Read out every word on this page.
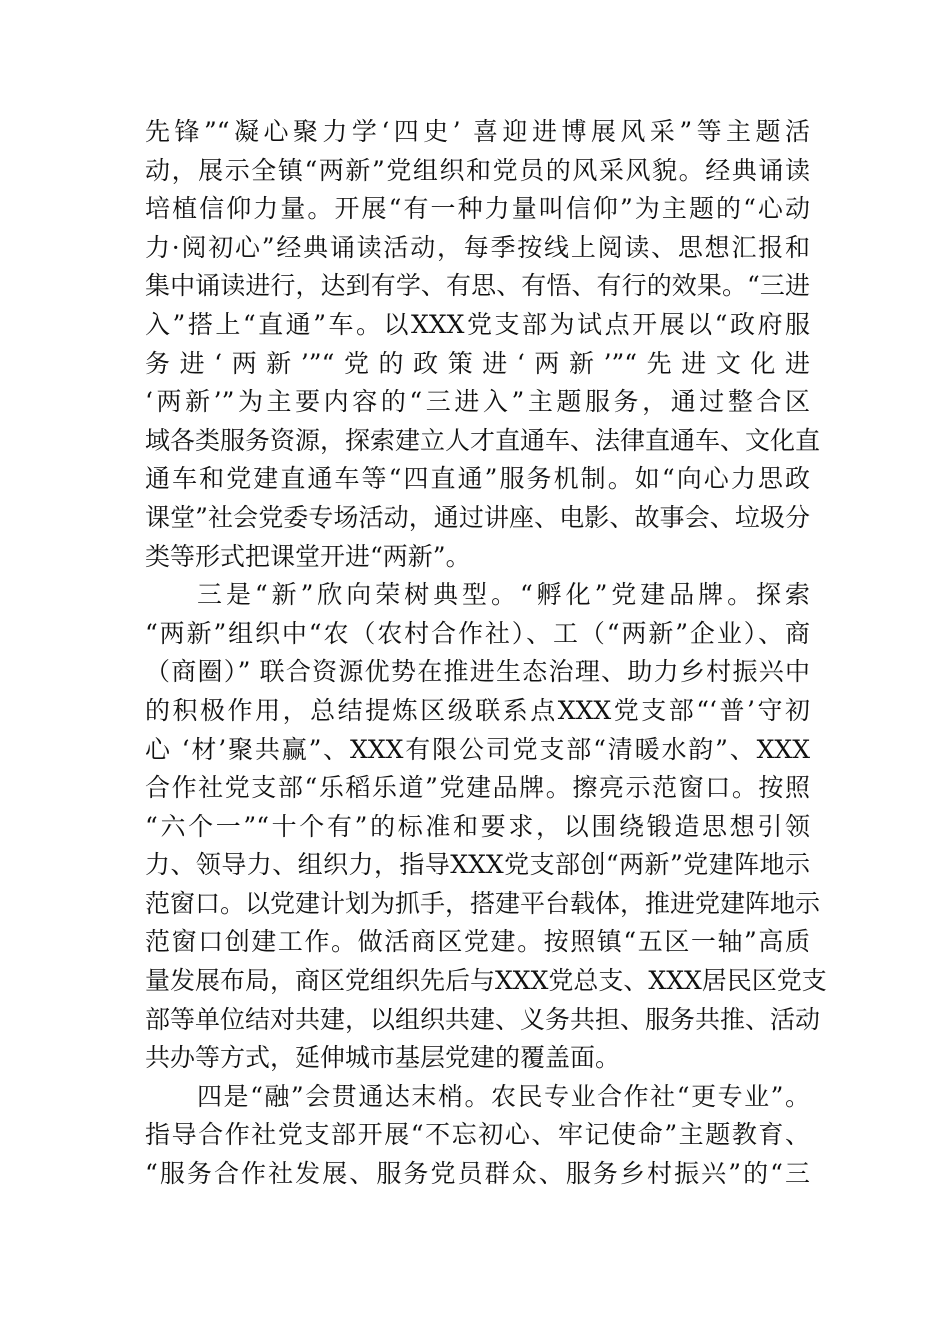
先锋”“凝心聚力学‘四史’ 喜迎进博展风采”等主题活
动，展示全镇“两新”党组织和党员的风采风貌。经典诵读
培植信仰力量。开展“有一种力量叫信仰”为主题的“心动
力·阅初心”经典诵读活动，每季按线上阅读、思想汇报和
集中诵读进行，达到有学、有思、有悟、有行的效果。“三进
入”搭上“直通”车。以XXX党支部为试点开展以“政府服
务进‘两新’”“党的政策进‘两新’”“先进文化进
‘两新’”为主要内容的“三进入”主题服务，通过整合区
域各类服务资源，探索建立人才直通车、法律直通车、文化直
通车和党建直通车等“四直通”服务机制。如“向心力思政
课堂”社会党委专场活动，通过讲座、电影、故事会、垃圾分
类等形式把课堂开进“两新”。
三是“新”欣向荣树典型。“孵化”党建品牌。探索
“两新”组织中“农（农村合作社）、工（“两新”企业）、商
（商圈）” 联合资源优势在推进生态治理、助力乡村振兴中
的积极作用，总结提炼区级联系点XXX党支部“‘普’守初
心 ‘材’聚共赢”、XXX有限公司党支部“清暖水韵”、XXX
合作社党支部“乐稻乐道”党建品牌。擦亮示范窗口。按照
“六个一”“十个有”的标准和要求，以围绕锻造思想引领
力、领导力、组织力，指导XXX党支部创“两新”党建阵地示
范窗口。以党建计划为抓手，搭建平台载体，推进党建阵地示
范窗口创建工作。做活商区党建。按照镇“五区一轴”高质
量发展布局，商区党组织先后与XXX党总支、XXX居民区党支
部等单位结对共建，以组织共建、义务共担、服务共推、活动
共办等方式，延伸城市基层党建的覆盖面。
四是“融”会贯通达末梢。农民专业合作社“更专业”。
指导合作社党支部开展“不忘初心、牢记使命”主题教育、
“服务合作社发展、服务党员群众、服务乡村振兴”的“三
